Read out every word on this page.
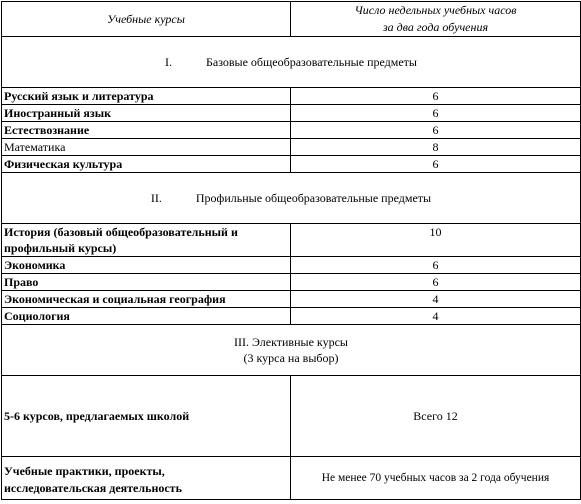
Учебные курсы	Число недельных учебных часов
за два года обучения
I. Базовые общеобразовательные предметы	
Русский язык и литература	6
Иностранный язык	6
Естествознание	6
Математика	8
Физическая культура	6
II. Профильные общеобразовательные предметы	
История (базовый общеобразовательный и профильный курсы)	10
Экономика	6
Право	6
Экономическая и социальная география	4
Социология	4
III. Элективные курсы
(3 курса на выбор)	
5-6 курсов, предлагаемых школой	Всего 12

Учебные практики, проекты,
исследовательская деятельность	Не менее 70 учебных часов за 2 года обучения
